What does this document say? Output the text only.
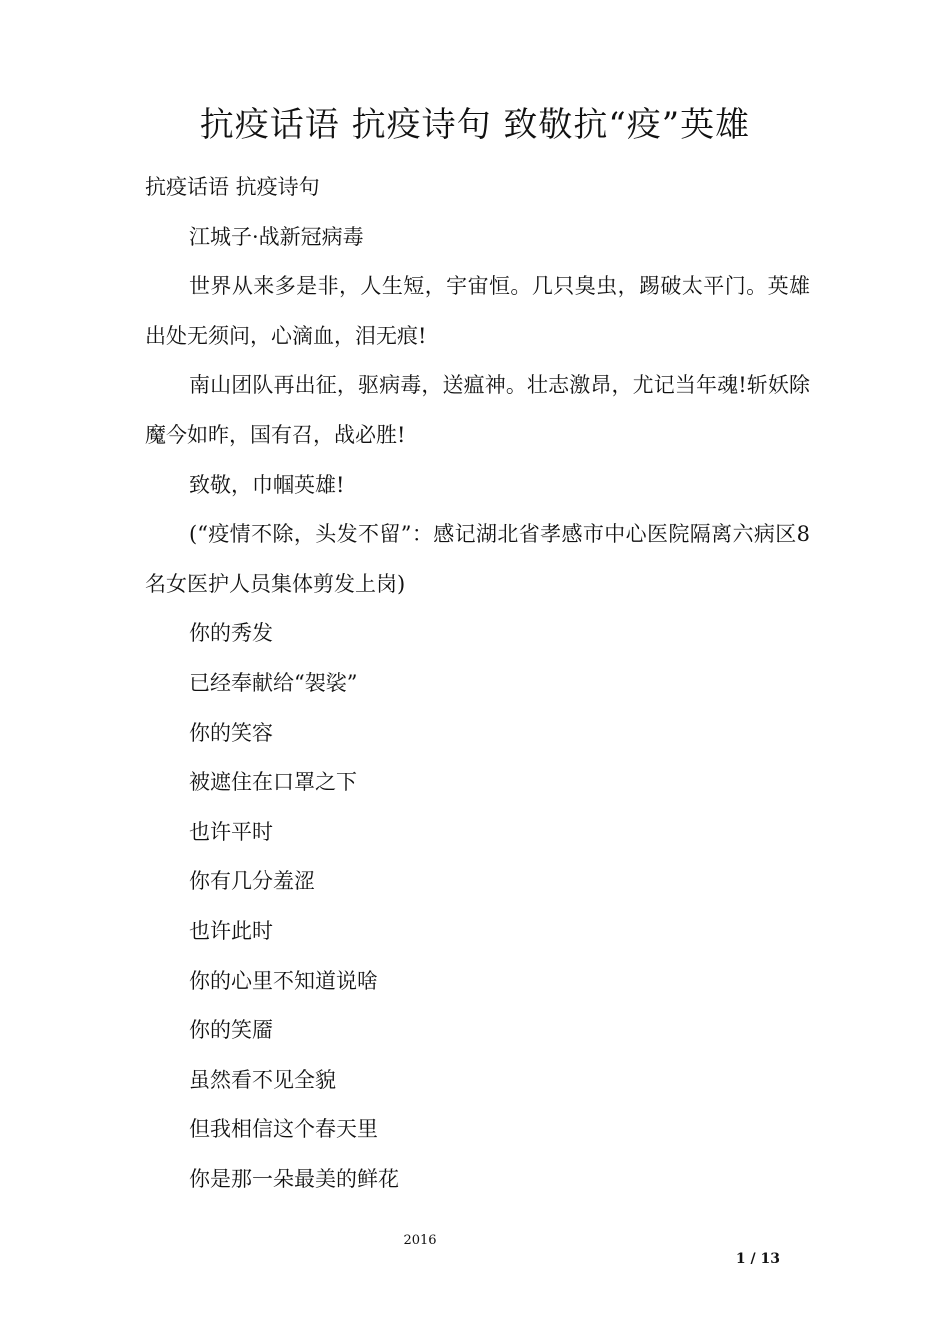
抗疫话语 抗疫诗句 致敬抗“疫”英雄

抗疫话语 抗疫诗句

江城子·战新冠病毒

世界从来多是非，人生短，宇宙恒。几只臭虫，踢破太平门。英雄出处无须问，心滴血，泪无痕!

南山团队再出征，驱病毒，送瘟神。壮志激昂，尤记当年魂!斩妖除魔今如昨，国有召，战必胜!

致敬，巾帼英雄!

(“疫情不除，头发不留”：感记湖北省孝感市中心医院隔离六病区8名女医护人员集体剪发上岗)

你的秀发

已经奉献给“袈裟”

你的笑容

被遮住在口罩之下

也许平时

你有几分羞涩

也许此时

你的心里不知道说啥

你的笑靥

虽然看不见全貌

但我相信这个春天里

你是那一朵最美的鲜花

2016
1 / 13
